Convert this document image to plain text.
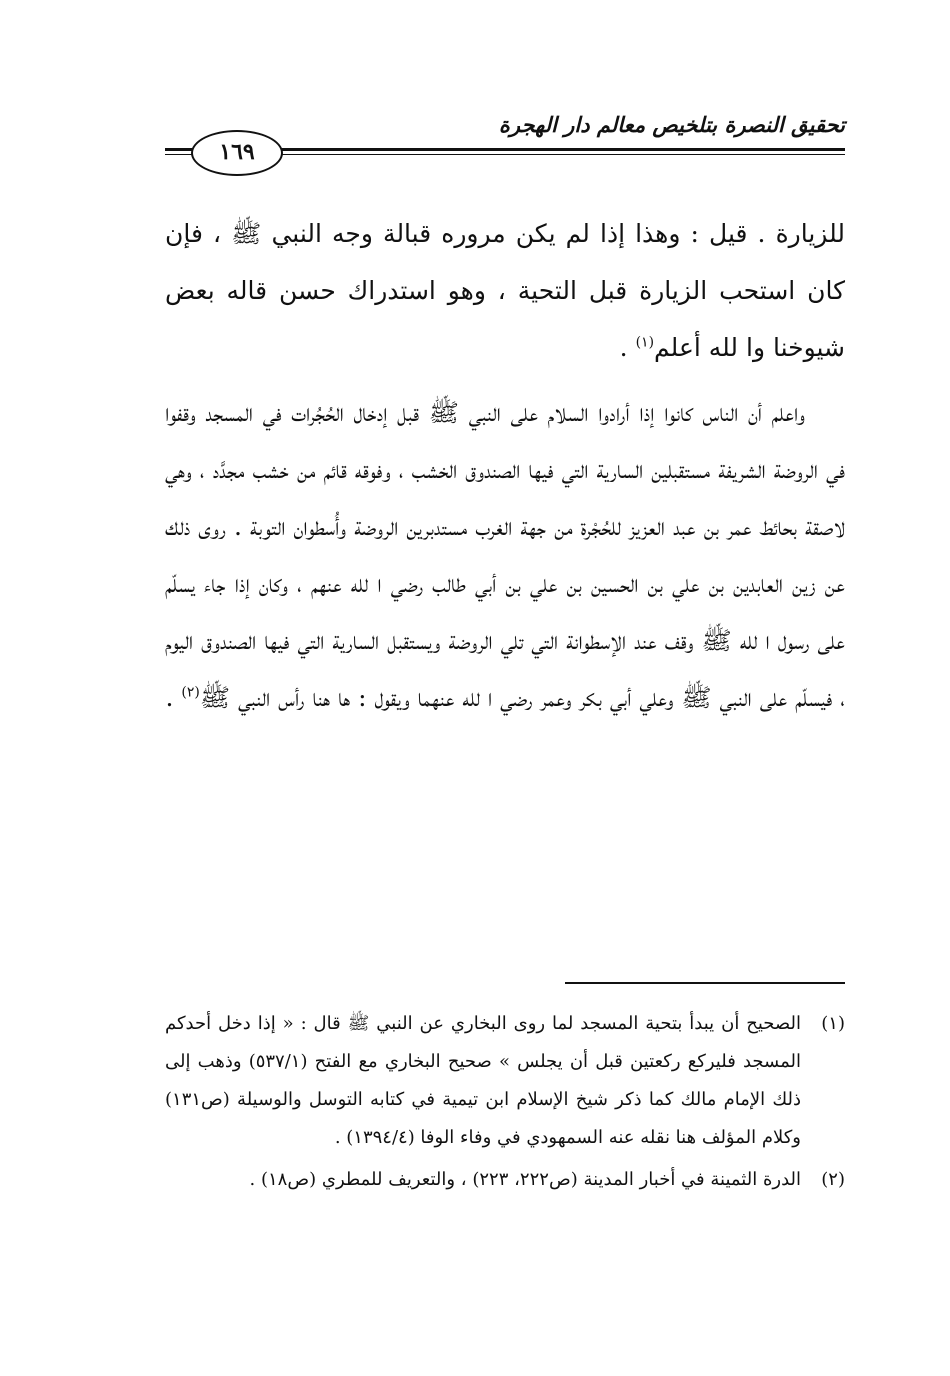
تحقيق النصرة بتلخيص معالم دار الهجرة
١٦٩

للزيارة . قيل : وهذا إذا لم يكن مروره قبالة وجه النبي ﷺ ، فإن كان استحب الزيارة قبل التحية ، وهو استدراك حسن قاله بعض شيوخنا وا لله أعلم$^{(١)}$ .

واعلم أن الناس كانوا إذا أرادوا السلام على النبي ﷺ قبل إدخال الحُجُرات في المسجد وقفوا في الروضة الشريفة مستقبلين السارية التي فيها الصندوق الخشب ، وفوقه قائم من خشب مجدَّد ، وهي لاصقة بحائط عمر بن عبد العزيز للحُجْرة من جهة الغرب مستدبرين الروضة وأُسطوان التوبة . روى ذلك عن زين العابدين بن علي بن الحسين بن علي بن أبي طالب رضي ا لله عنهم ، وكان إذا جاء يسلّم على رسول ا لله ﷺ وقف عند الإسطوانة التي تلي الروضة ويستقبل السارية التي فيها الصندوق اليوم ، فيسلّم على النبي ﷺ وعلي أبي بكر وعمر رضي ا لله عنهما ويقول : ها هنا رأس النبي ﷺ$^{(٢)}$ .

(١)
الصحيح أن يبدأ بتحية المسجد لما روى البخاري عن النبي ﷺ قال : « إذا دخل أحدكم المسجد فليركع ركعتين قبل أن يجلس » صحيح البخاري مع الفتح (٥٣٧/١) وذهب إلى ذلك الإمام مالك كما ذكر شيخ الإسلام ابن تيمية في كتابه التوسل والوسيلة (ص١٣١) وكلام المؤلف هنا نقله عنه السمهودي في وفاء الوفا (١٣٩٤/٤) .
(٢)
الدرة الثمينة في أخبار المدينة (ص٢٢٢، ٢٢٣) ، والتعريف للمطري (ص١٨) .
